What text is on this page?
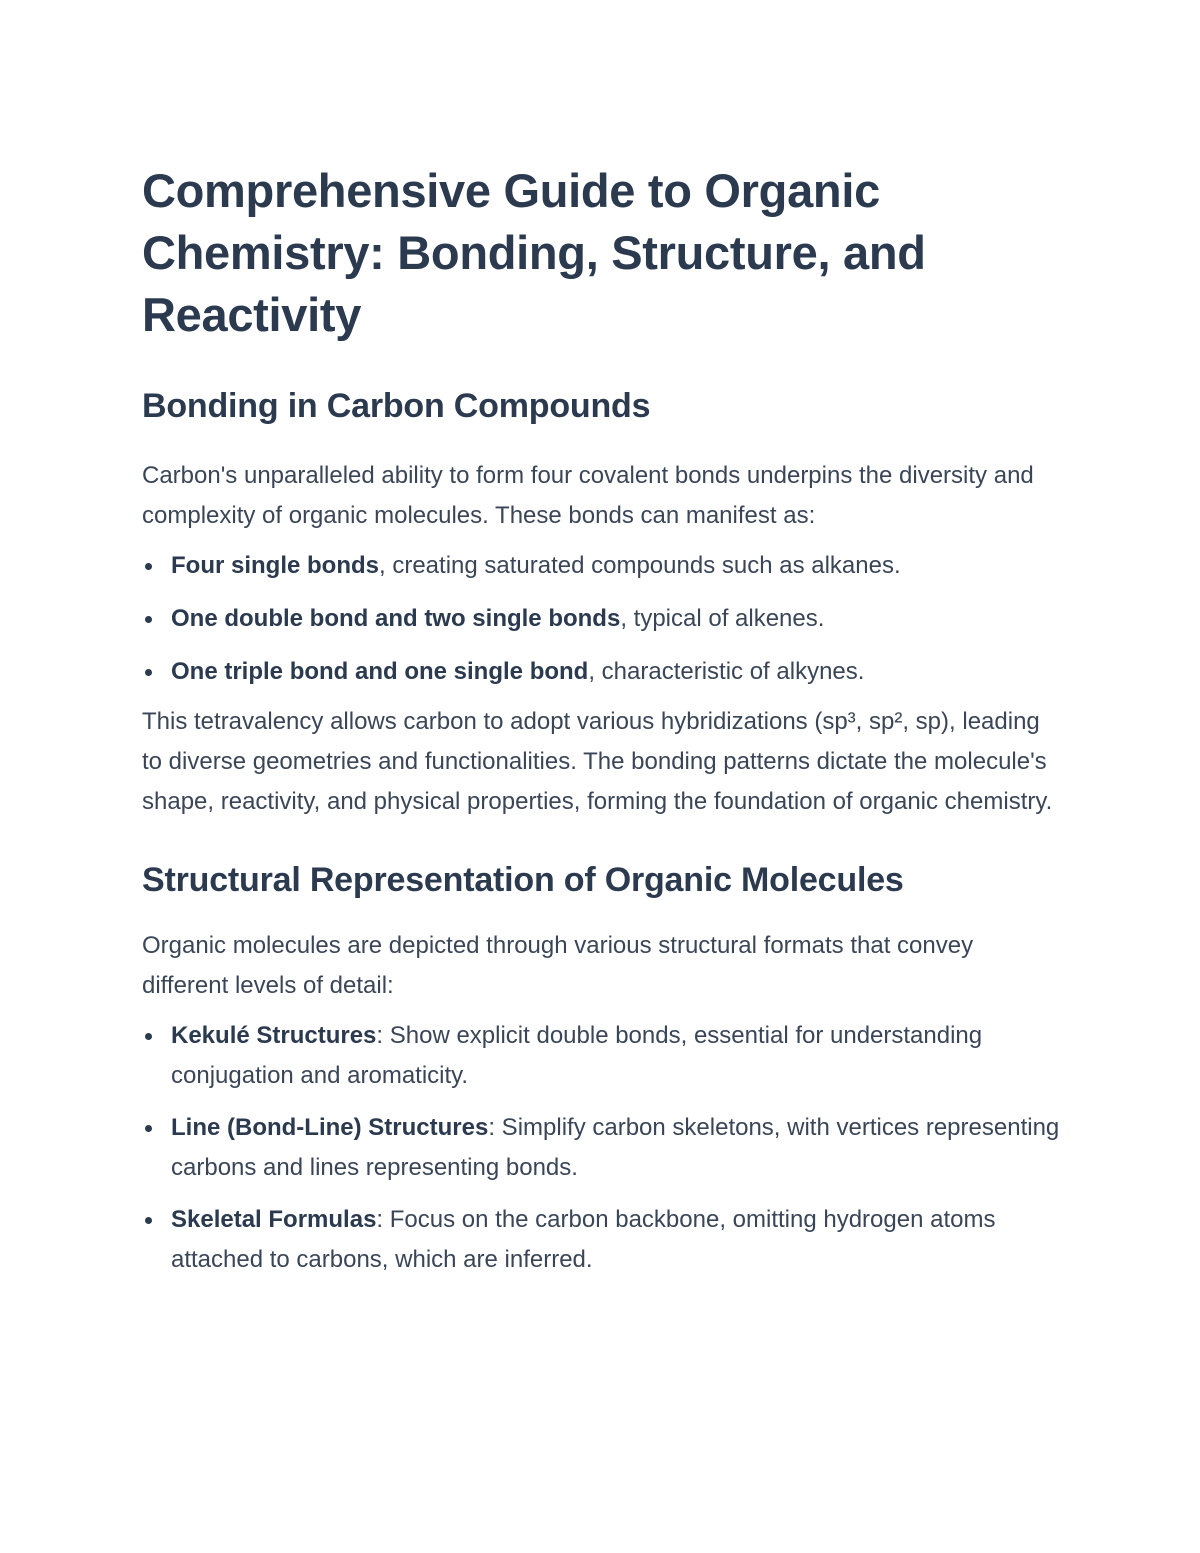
Comprehensive Guide to Organic Chemistry: Bonding, Structure, and Reactivity
Bonding in Carbon Compounds

Carbon's unparalleled ability to form four covalent bonds underpins the diversity and complexity of organic molecules. These bonds can manifest as:

Four single bonds, creating saturated compounds such as alkanes.
One double bond and two single bonds, typical of alkenes.
One triple bond and one single bond, characteristic of alkynes.

This tetravalency allows carbon to adopt various hybridizations (sp³, sp², sp), leading to diverse geometries and functionalities. The bonding patterns dictate the molecule's shape, reactivity, and physical properties, forming the foundation of organic chemistry.

Structural Representation of Organic Molecules

Organic molecules are depicted through various structural formats that convey different levels of detail:

Kekulé Structures: Show explicit double bonds, essential for understanding conjugation and aromaticity.
Line (Bond-Line) Structures: Simplify carbon skeletons, with vertices representing carbons and lines representing bonds.
Skeletal Formulas: Focus on the carbon backbone, omitting hydrogen atoms attached to carbons, which are inferred.
